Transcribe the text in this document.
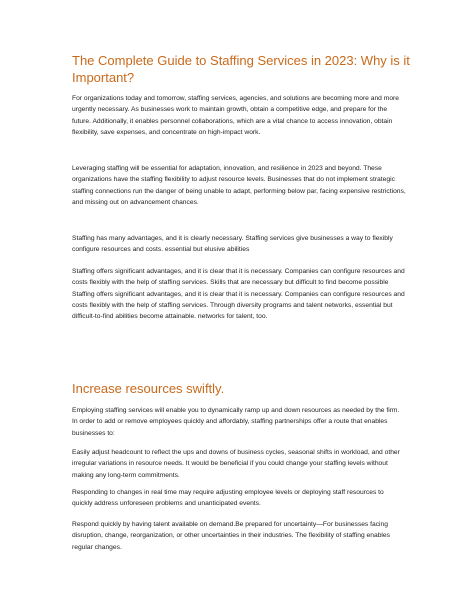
The Complete Guide to Staffing Services in 2023: Why is it Important?

For organizations today and tomorrow, staffing services, agencies, and solutions are becoming more and more urgently necessary. As businesses work to maintain growth, obtain a competitive edge, and prepare for the future. Additionally, it enables personnel collaborations, which are a vital chance to access innovation, obtain flexibility, save expenses, and concentrate on high-impact work.

Leveraging staffing will be essential for adaptation, innovation, and resilience in 2023 and beyond. These organizations have the staffing flexibility to adjust resource levels. Businesses that do not implement strategic staffing connections run the danger of being unable to adapt, performing below par, facing expensive restrictions, and missing out on advancement chances.

Staffing has many advantages, and it is clearly necessary. Staffing services give businesses a way to flexibly configure resources and costs. essential but elusive abilities

Staffing offers significant advantages, and it is clear that it is necessary. Companies can configure resources and costs flexibly with the help of staffing services. Skills that are necessary but difficult to find become possible Staffing offers significant advantages, and it is clear that it is necessary. Companies can configure resources and costs flexibly with the help of staffing services. Through diversity programs and talent networks, essential but difficult-to-find abilities become attainable. networks for talent, too.

Increase resources swiftly.

Employing staffing services will enable you to dynamically ramp up and down resources as needed by the firm. In order to add or remove employees quickly and affordably, staffing partnerships offer a route that enables businesses to:

Easily adjust headcount to reflect the ups and downs of business cycles, seasonal shifts in workload, and other irregular variations in resource needs. It would be beneficial if you could change your staffing levels without making any long-term commitments.

Responding to changes in real time may require adjusting employee levels or deploying staff resources to quickly address unforeseen problems and unanticipated events.

Respond quickly by having talent available on demand.Be prepared for uncertainty—For businesses facing disruption, change, reorganization, or other uncertainties in their industries. The flexibility of staffing enables regular changes.
